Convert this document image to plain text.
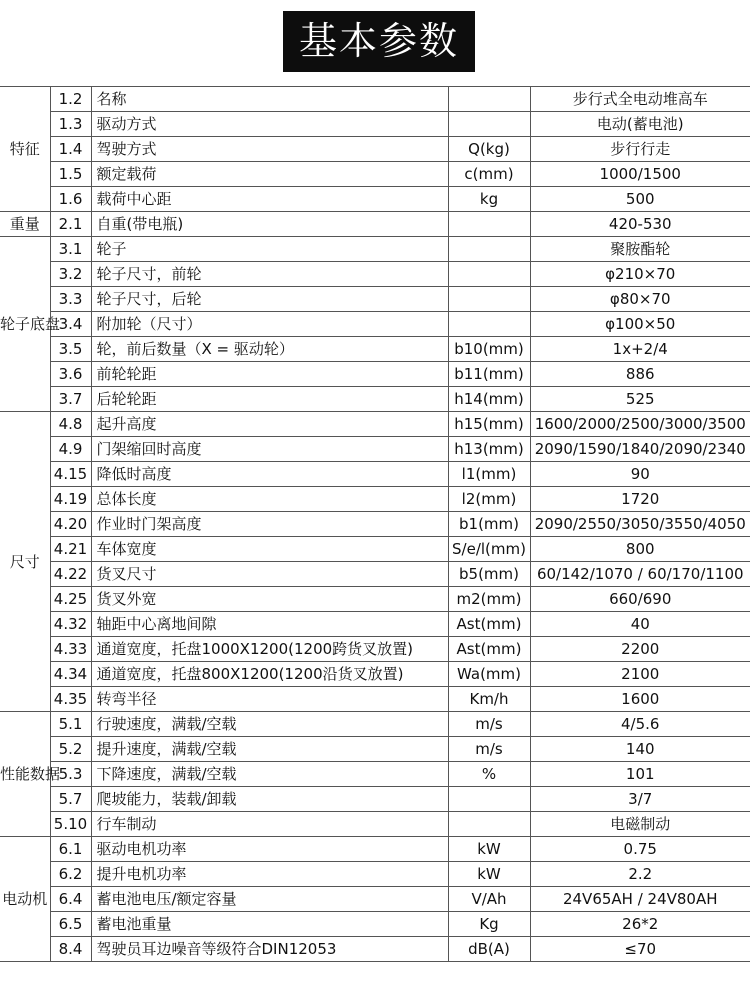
基本参数
特征	1.2	名称		步行式全电动堆高车
	1.3	驱动方式		电动(蓄电池)
	1.4	驾驶方式	Q(kg)	步行行走
	1.5	额定载荷	c(mm)	1000/1500
	1.6	载荷中心距	kg	500
重量	2.1	自重(带电瓶)		420-530
轮子底盘	3.1	轮子		聚胺酯轮
	3.2	轮子尺寸，前轮		φ210×70
	3.3	轮子尺寸，后轮		φ80×70
	3.4	附加轮（尺寸）		φ100×50
	3.5	轮，前后数量（X = 驱动轮）	b10(mm)	1x+2/4
	3.6	前轮轮距	b11(mm)	886
	3.7	后轮轮距	h14(mm)	525
尺寸	4.8	起升高度	h15(mm)	1600/2000/2500/3000/3500
	4.9	门架缩回时高度	h13(mm)	2090/1590/1840/2090/2340
	4.15	降低时高度	l1(mm)	90
	4.19	总体长度	l2(mm)	1720
	4.20	作业时门架高度	b1(mm)	2090/2550/3050/3550/4050
	4.21	车体宽度	S/e/l(mm)	800
	4.22	货叉尺寸	b5(mm)	60/142/1070 / 60/170/1100
	4.25	货叉外宽	m2(mm)	660/690
	4.32	轴距中心离地间隙	Ast(mm)	40
	4.33	通道宽度，托盘1000X1200(1200跨货叉放置)	Ast(mm)	2200
	4.34	通道宽度，托盘800X1200(1200沿货叉放置)	Wa(mm)	2100
	4.35	转弯半径	Km/h	1600
性能数据	5.1	行驶速度，满载/空载	m/s	4/5.6
	5.2	提升速度，满载/空载	m/s	140
	5.3	下降速度，满载/空载	%	101
	5.7	爬坡能力，装载/卸载		3/7
	5.10	行车制动		电磁制动
电动机	6.1	驱动电机功率	kW	0.75
	6.2	提升电机功率	kW	2.2
	6.4	蓄电池电压/额定容量	V/Ah	24V65AH / 24V80AH
	6.5	蓄电池重量	Kg	26*2
	8.4	驾驶员耳边噪音等级符合DIN12053	dB(A)	≤70
